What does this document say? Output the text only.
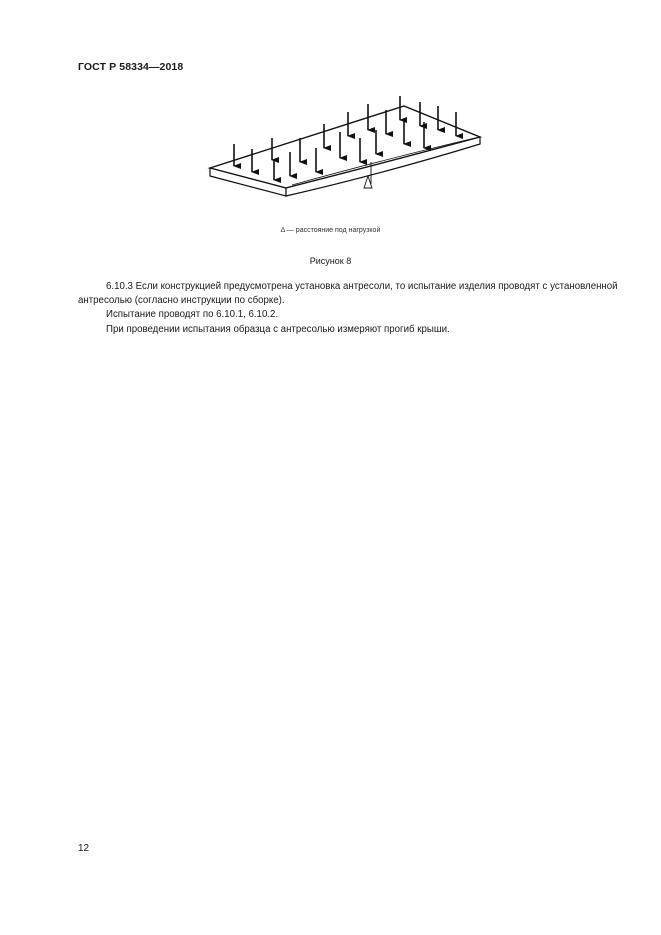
ГОСТ Р 58334—2018
Δ — расстояние под нагрузкой
Рисунок 8

6.10.3 Если конструкцией предусмотрена установка антресоли, то испытание изделия проводят с установленной антресолью (согласно инструкции по сборке).

Испытание проводят по 6.10.1, 6.10.2.

При проведении испытания образца с антресолью измеряют прогиб крыши.

12
